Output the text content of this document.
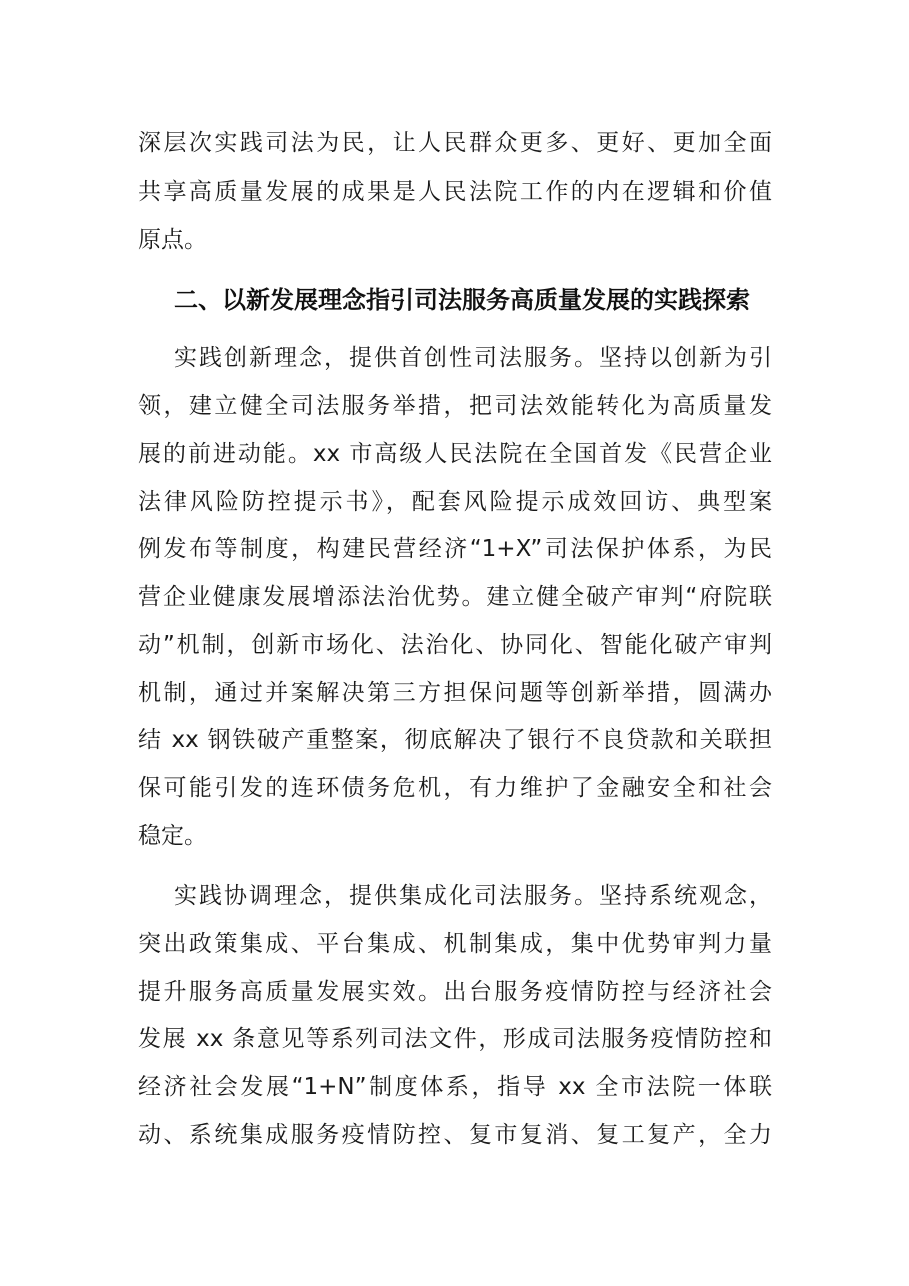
深层次实践司法为民，让人民群众更多、更好、更加全面
共享高质量发展的成果是人民法院工作的内在逻辑和价值
原点。
二、以新发展理念指引司法服务高质量发展的实践探索
实践创新理念，提供首创性司法服务。坚持以创新为引
领，建立健全司法服务举措，把司法效能转化为高质量发
展的前进动能。xx 市高级人民法院在全国首发《民营企业
法律风险防控提示书》，配套风险提示成效回访、典型案
例发布等制度，构建民营经济“1+X”司法保护体系，为民
营企业健康发展增添法治优势。建立健全破产审判“府院联
动”机制，创新市场化、法治化、协同化、智能化破产审判
机制，通过并案解决第三方担保问题等创新举措，圆满办
结 xx 钢铁破产重整案，彻底解决了银行不良贷款和关联担
保可能引发的连环债务危机，有力维护了金融安全和社会
稳定。
实践协调理念，提供集成化司法服务。坚持系统观念，
突出政策集成、平台集成、机制集成，集中优势审判力量
提升服务高质量发展实效。出台服务疫情防控与经济社会
发展 xx 条意见等系列司法文件，形成司法服务疫情防控和
经济社会发展“1+N”制度体系，指导 xx 全市法院一体联
动、系统集成服务疫情防控、复市复消、复工复产，全力
